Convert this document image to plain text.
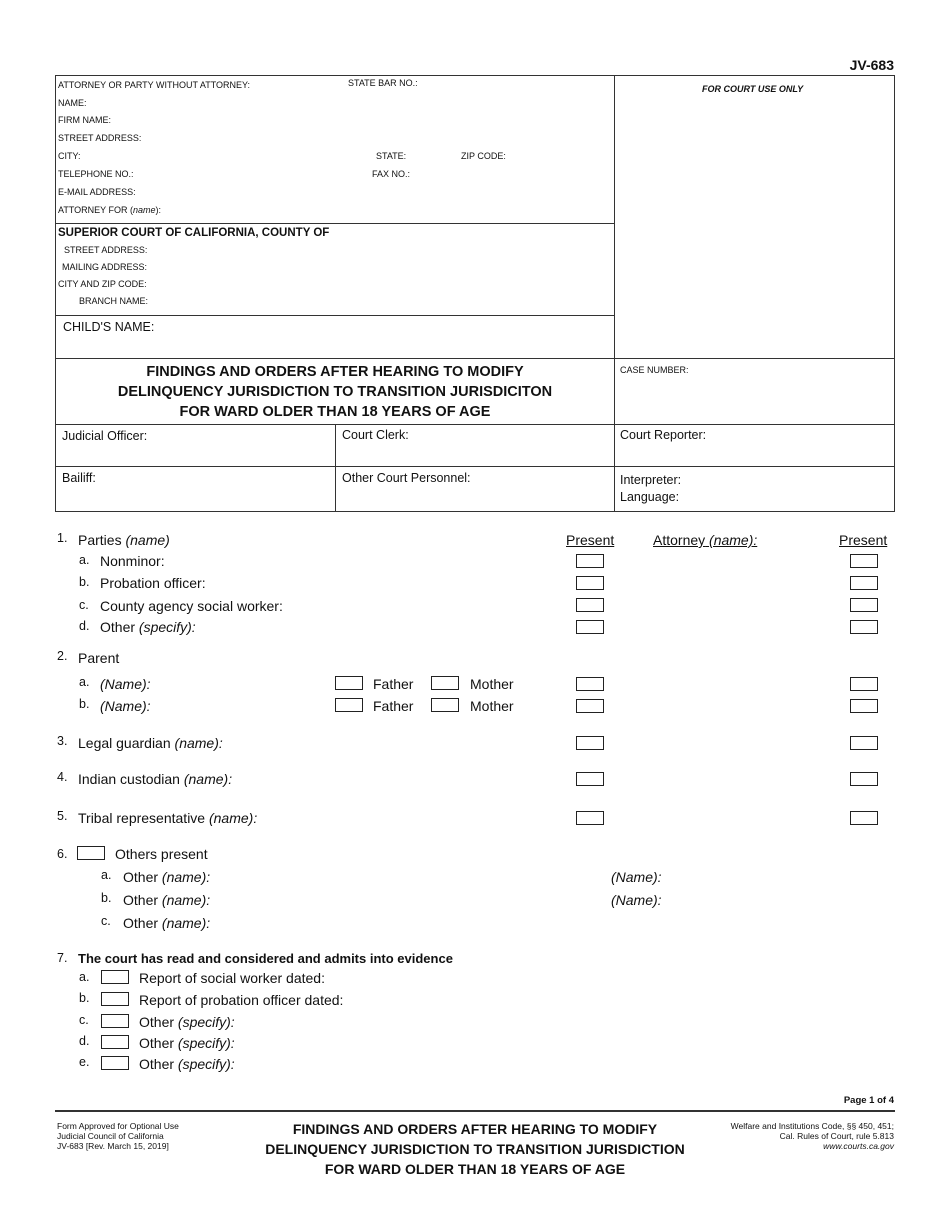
JV-683
ATTORNEY OR PARTY WITHOUT ATTORNEY:	STATE BAR NO.:
NAME:
FIRM NAME:
STREET ADDRESS:
CITY:	STATE:	ZIP CODE:
TELEPHONE NO.:	FAX NO.:
E-MAIL ADDRESS:
ATTORNEY FOR (name):
FOR COURT USE ONLY
SUPERIOR COURT OF CALIFORNIA, COUNTY OF
STREET ADDRESS:
MAILING ADDRESS:
CITY AND ZIP CODE:
BRANCH NAME:
CHILD'S NAME:
FINDINGS AND ORDERS AFTER HEARING TO MODIFY
DELINQUENCY JURISDICTION TO TRANSITION JURISDICITON
FOR WARD OLDER THAN 18 YEARS OF AGE
CASE NUMBER:
Judicial Officer:	Court Clerk:	Court Reporter:
Bailiff:	Other Court Personnel:	Interpreter:
Language:
1. Parties (name)	Present	Attorney (name):	Present
a. Nonminor:
b. Probation officer:
c. County agency social worker:
d. Other (specify):
2. Parent
a. (Name):	Father	Mother
b. (Name):	Father	Mother
3. Legal guardian (name):
4. Indian custodian (name):
5. Tribal representative (name):
6.	Others present
a. Other (name):	(Name):
b. Other (name):	(Name):
c. Other (name):
7. The court has read and considered and admits into evidence
a.	Report of social worker dated:
b.	Report of probation officer dated:
c.	Other (specify):
d.	Other (specify):
e.	Other (specify):
Page 1 of 4
Form Approved for Optional Use
Judicial Council of California
JV-683 [Rev. March 15, 2019]
FINDINGS AND ORDERS AFTER HEARING TO MODIFY
DELINQUENCY JURISDICTION TO TRANSITION JURISDICTION
FOR WARD OLDER THAN 18 YEARS OF AGE
Welfare and Institutions Code, §§ 450, 451;
Cal. Rules of Court, rule 5.813
www.courts.ca.gov
